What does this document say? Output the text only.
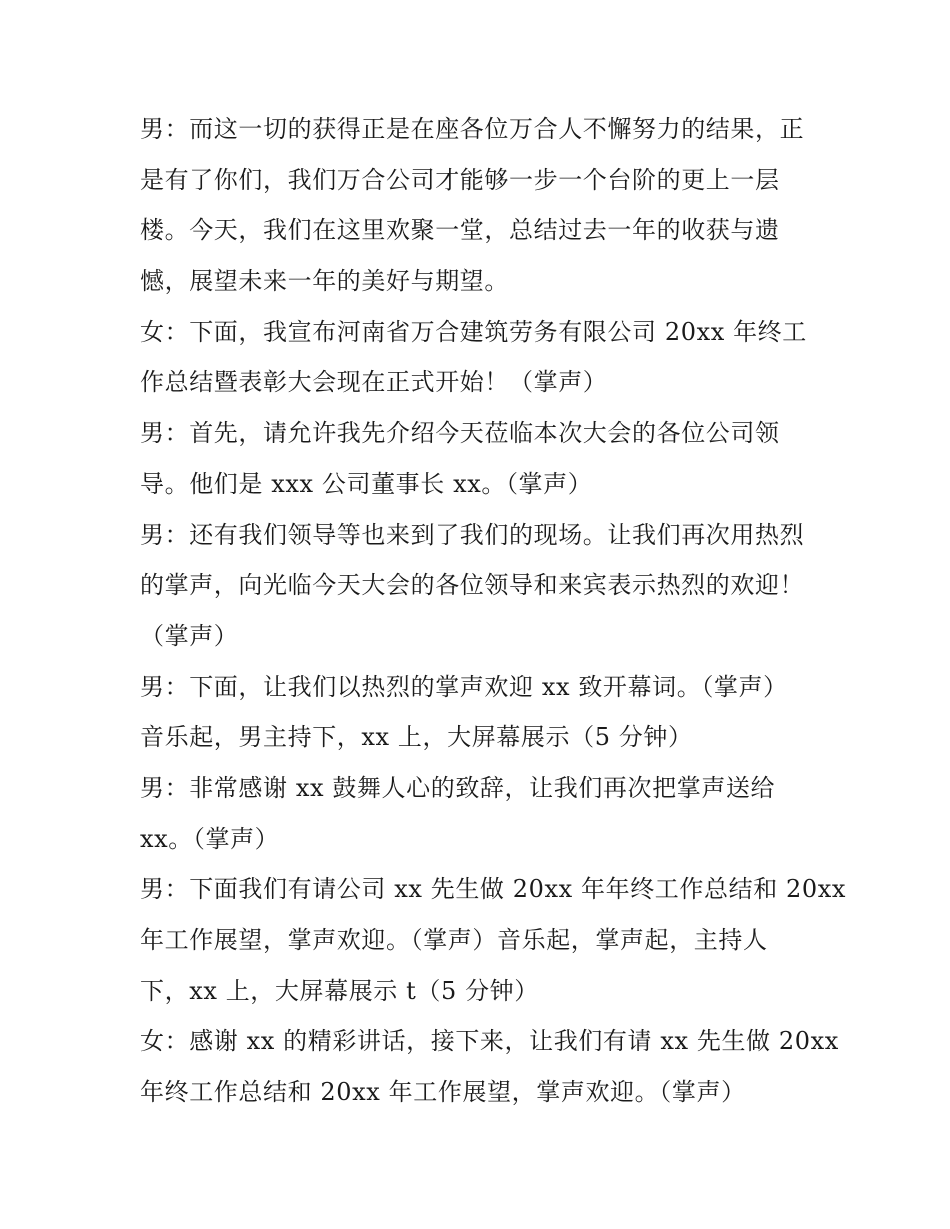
男：而这一切的获得正是在座各位万合人不懈努力的结果，正
是有了你们，我们万合公司才能够一步一个台阶的更上一层
楼。今天，我们在这里欢聚一堂，总结过去一年的收获与遗
憾，展望未来一年的美好与期望。
女：下面，我宣布河南省万合建筑劳务有限公司 20xx 年终工
作总结暨表彰大会现在正式开始！（掌声）
男：首先，请允许我先介绍今天莅临本次大会的各位公司领
导。他们是 xxx 公司董事长 xx。（掌声）
男：还有我们领导等也来到了我们的现场。让我们再次用热烈
的掌声，向光临今天大会的各位领导和来宾表示热烈的欢迎！
（掌声）
男：下面，让我们以热烈的掌声欢迎 xx 致开幕词。（掌声）
音乐起，男主持下，xx 上，大屏幕展示（5 分钟）
男：非常感谢 xx 鼓舞人心的致辞，让我们再次把掌声送给
xx。（掌声）
男：下面我们有请公司 xx 先生做 20xx 年年终工作总结和 20xx
年工作展望，掌声欢迎。（掌声）音乐起，掌声起，主持人
下，xx 上，大屏幕展示 t（5 分钟）
女：感谢 xx 的精彩讲话，接下来，让我们有请 xx 先生做 20xx
年终工作总结和 20xx 年工作展望，掌声欢迎。（掌声）
